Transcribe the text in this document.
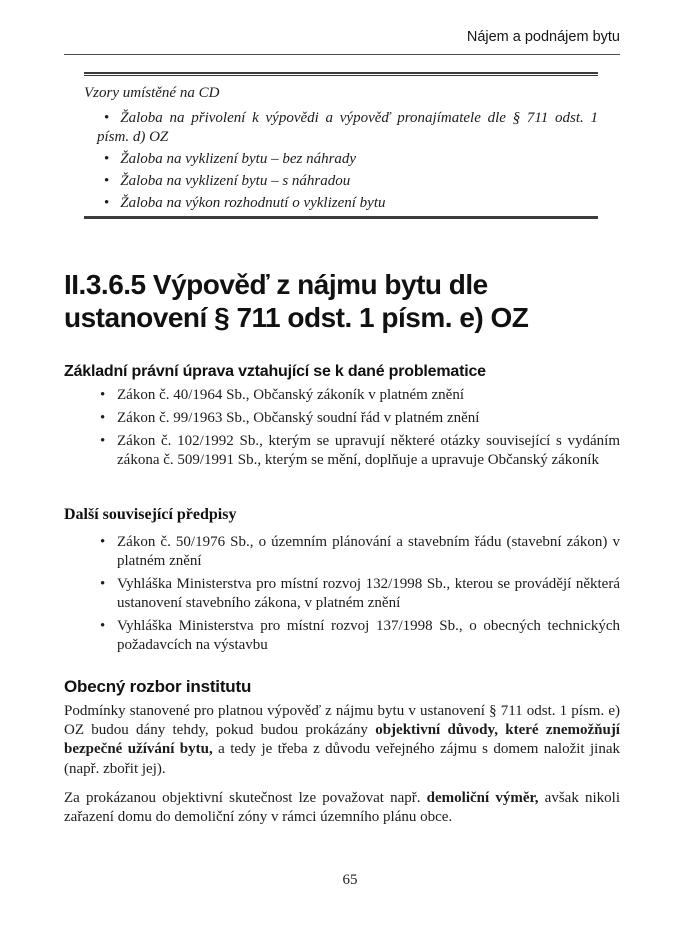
Nájem a podnájem bytu
Vzory umístěné na CD
• Žaloba na přivolení k výpovědi a výpověď pronajímatele dle § 711 odst. 1 písm. d) OZ
• Žaloba na vyklizení bytu – bez náhrady
• Žaloba na vyklizení bytu – s náhradou
• Žaloba na výkon rozhodnutí o vyklizení bytu
II.3.6.5 Výpověď z nájmu bytu dle
ustanovení § 711 odst. 1 písm. e) OZ
Základní právní úprava vztahující se k dané problematice
• Zákon č. 40/1964 Sb., Občanský zákoník v platném znění
• Zákon č. 99/1963 Sb., Občanský soudní řád v platném znění
• Zákon č. 102/1992 Sb., kterým se upravují některé otázky související s vydáním zákona č. 509/1991 Sb., kterým se mění, doplňuje a upravuje Občanský zákoník
Další související předpisy
• Zákon č. 50/1976 Sb., o územním plánování a stavebním řádu (stavební zákon) v platném znění
• Vyhláška Ministerstva pro místní rozvoj 132/1998 Sb., kterou se provádějí některá ustanovení stavebního zákona, v platném znění
• Vyhláška Ministerstva pro místní rozvoj 137/1998 Sb., o obecných technických požadavcích na výstavbu
Obecný rozbor institutu

Podmínky stanovené pro platnou výpověď z nájmu bytu v ustanovení § 711 odst. 1 písm. e) OZ budou dány tehdy, pokud budou prokázány objektivní důvody, které znemožňují bezpečné užívání bytu, a tedy je třeba z důvodu veřejného zájmu s domem naložit jinak (např. zbořit jej).

Za prokázanou objektivní skutečnost lze považovat např. demoliční výměr, avšak nikoli zařazení domu do demoliční zóny v rámci územního plánu obce.

65
